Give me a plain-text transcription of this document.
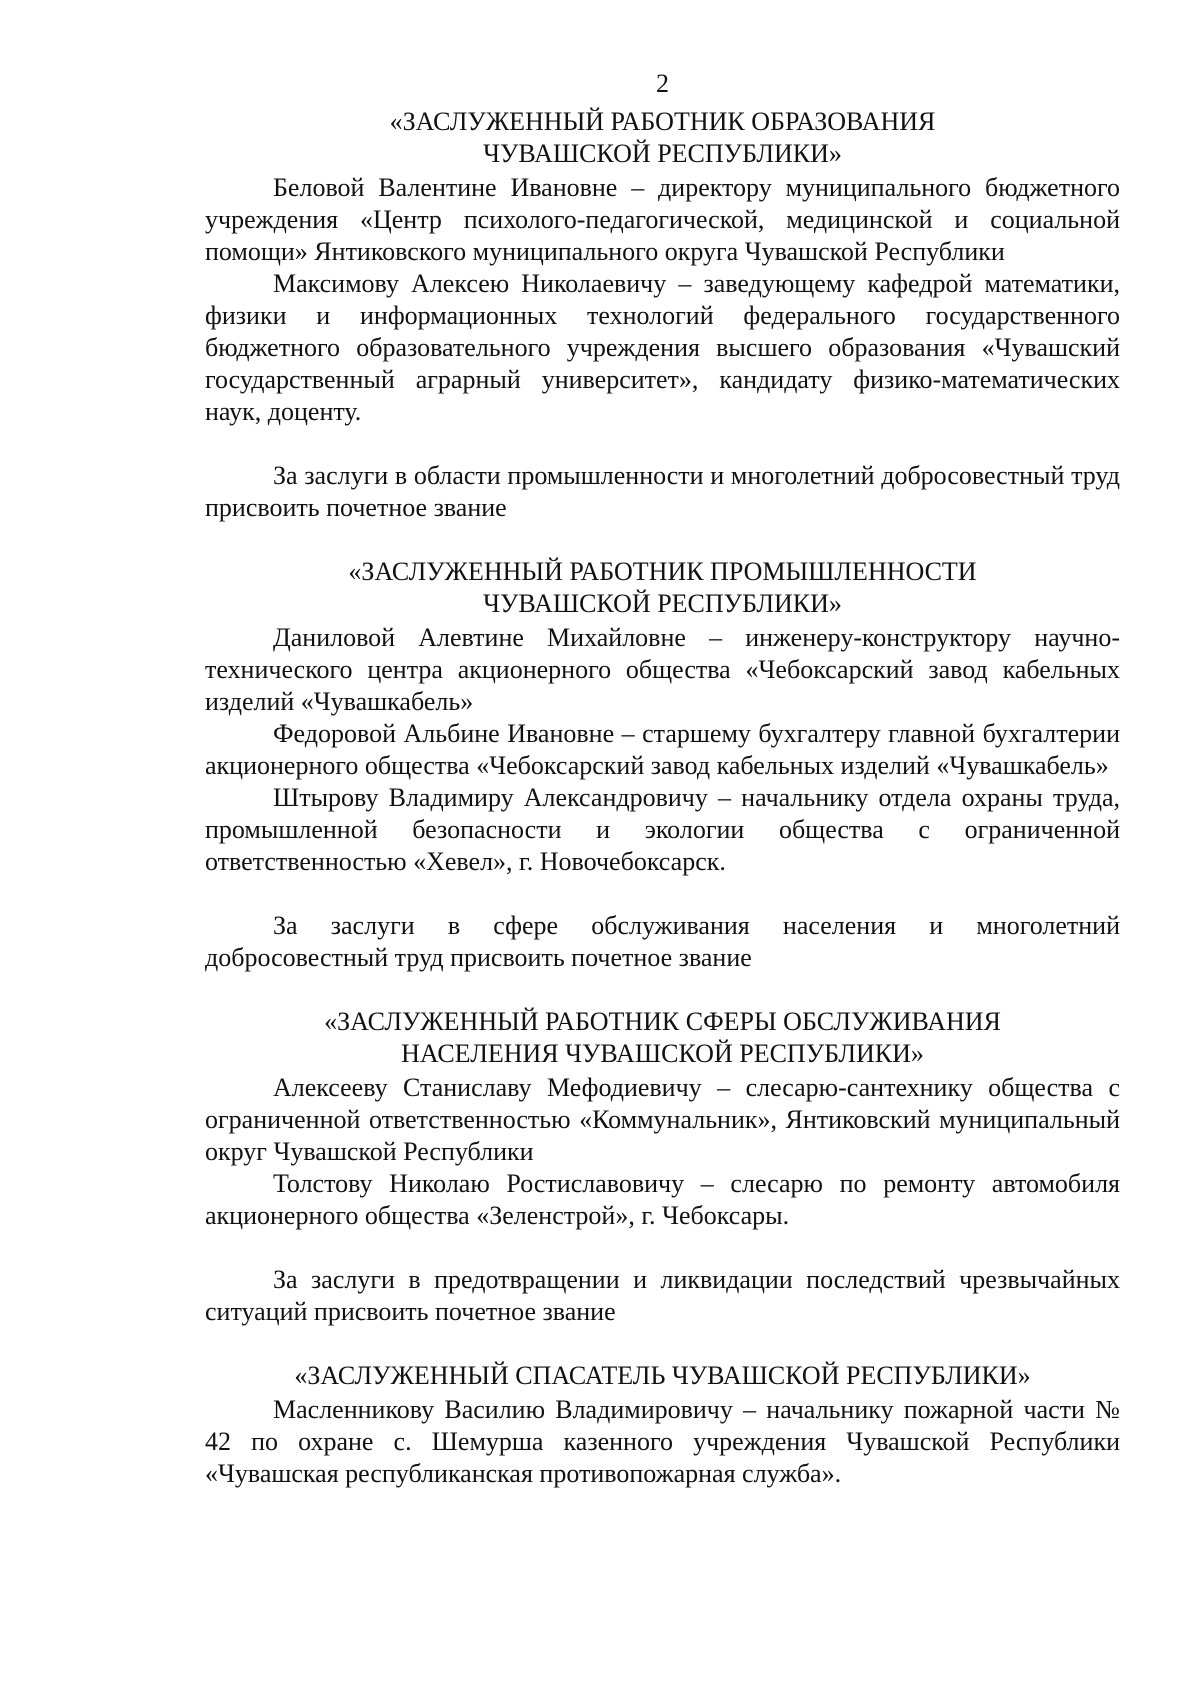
2

«ЗАСЛУЖЕННЫЙ РАБОТНИК ОБРАЗОВАНИЯ

ЧУВАШСКОЙ РЕСПУБЛИКИ»

Беловой Валентине Ивановне – директору муниципального бюджетного учреждения «Центр психолого-педагогической, медицинской и социальной помощи» Янтиковского муниципального округа Чувашской Республики

Максимову Алексею Николаевичу – заведующему кафедрой математики, физики и информационных технологий федерального государственного бюджетного образовательного учреждения высшего образования «Чувашский государственный аграрный университет», кандидату физико-математических наук, доценту.

За заслуги в области промышленности и многолетний добросовестный труд присвоить почетное звание

«ЗАСЛУЖЕННЫЙ РАБОТНИК ПРОМЫШЛЕННОСТИ

ЧУВАШСКОЙ РЕСПУБЛИКИ»

Даниловой Алевтине Михайловне – инженеру-конструктору научно-технического центра акционерного общества «Чебоксарский завод кабельных изделий «Чувашкабель»

Федоровой Альбине Ивановне – старшему бухгалтеру главной бухгалтерии акционерного общества «Чебоксарский завод кабельных изделий «Чувашкабель»

Штырову Владимиру Александровичу – начальнику отдела охраны труда, промышленной безопасности и экологии общества с ограниченной ответственностью «Хевел», г. Новочебоксарск.

За заслуги в сфере обслуживания населения и многолетний добросовестный труд присвоить почетное звание

«ЗАСЛУЖЕННЫЙ РАБОТНИК СФЕРЫ ОБСЛУЖИВАНИЯ

НАСЕЛЕНИЯ ЧУВАШСКОЙ РЕСПУБЛИКИ»

Алексееву Станиславу Мефодиевичу – слесарю-сантехнику общества с ограниченной ответственностью «Коммунальник», Янтиковский муниципальный округ Чувашской Республики

Толстову Николаю Ростиславовичу – слесарю по ремонту автомобиля акционерного общества «Зеленстрой», г. Чебоксары.

За заслуги в предотвращении и ликвидации последствий чрезвычайных ситуаций присвоить почетное звание

«ЗАСЛУЖЕННЫЙ СПАСАТЕЛЬ ЧУВАШСКОЙ РЕСПУБЛИКИ»

Масленникову Василию Владимировичу – начальнику пожарной части № 42 по охране с. Шемурша казенного учреждения Чувашской Республики «Чувашская республиканская противопожарная служба».
